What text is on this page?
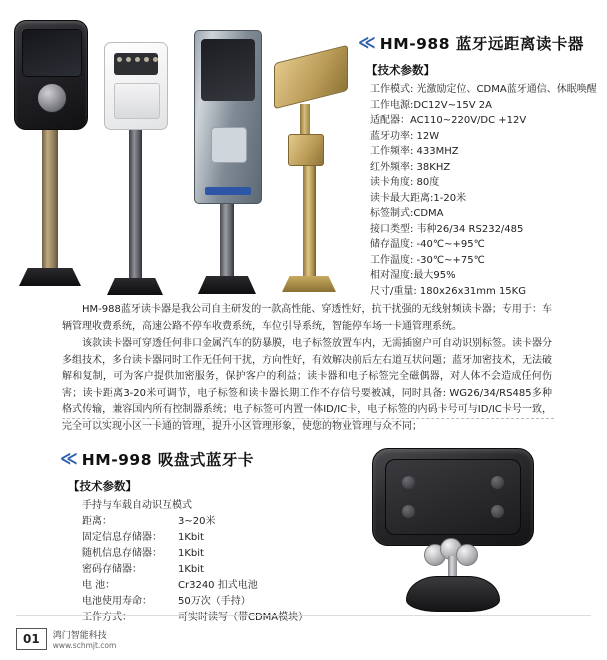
≪ HM-988 蓝牙远距离读卡器
【技术参数】
工作模式: 光激励定位、CDMA蓝牙通信、休眠唤醒
工作电源:DC12V~15V 2A
适配器：AC110~220V/DC +12V
蓝牙功率: 12W
工作频率: 433MHZ
红外频率: 38KHZ
读卡角度: 80度
读卡最大距离:1-20米
标签制式:CDMA
接口类型: 韦种26/34 RS232/485
储存温度: -40℃~+95℃
工作温度: -30℃~+75℃
相对湿度:最大95%
尺寸/重量: 180x26x31mm 15KG

HM-988蓝牙读卡器是我公司自主研发的一款高性能、穿透性好，抗干扰强的无线射频读卡器；专用于：车辆管理收费系统，高速公路不停车收费系统，车位引导系统，智能停车场一卡通管理系统。

该款读卡器可穿透任何非口金属汽车的防暴膜，电子标签放置车内，无需插窗户可自动识别标签。读卡器分多组技术，多台读卡器同时工作无任何干扰，方向性好，有效解决前后左右道互状问题；蓝牙加密技术，无法破解和复制，可为客户提供加密服务，保护客户的利益；读卡器和电子标签完全磁偶器，对人体不会造成任何伤害；读卡距离3-20米可调节，电子标签和读卡器长期工作不存信号要被减，同时具备: WG26/34/RS485多种格式传输，兼容国内所有控制器系统；电子标签可内置一体ID/IC卡，电子标签的内码卡号可与ID/IC卡号一致，完全可以实现小区一卡通的管理，提升小区管理形象，使您的物业管理与众不同；

≪ HM-998 吸盘式蓝牙卡
【技术参数】
手持与车载自动识互模式
距离：	3~20米
固定信息存储器： 1Kbit
随机信息存储器： 1Kbit
密码存储器：	1Kbit
电 池：	Cr3240 扣式电池
电池使用寿命：	50万次（手持）
工作方式：	可实时读写（带CDMA模块）
01	鸿门智能科技
www.schmjt.com
